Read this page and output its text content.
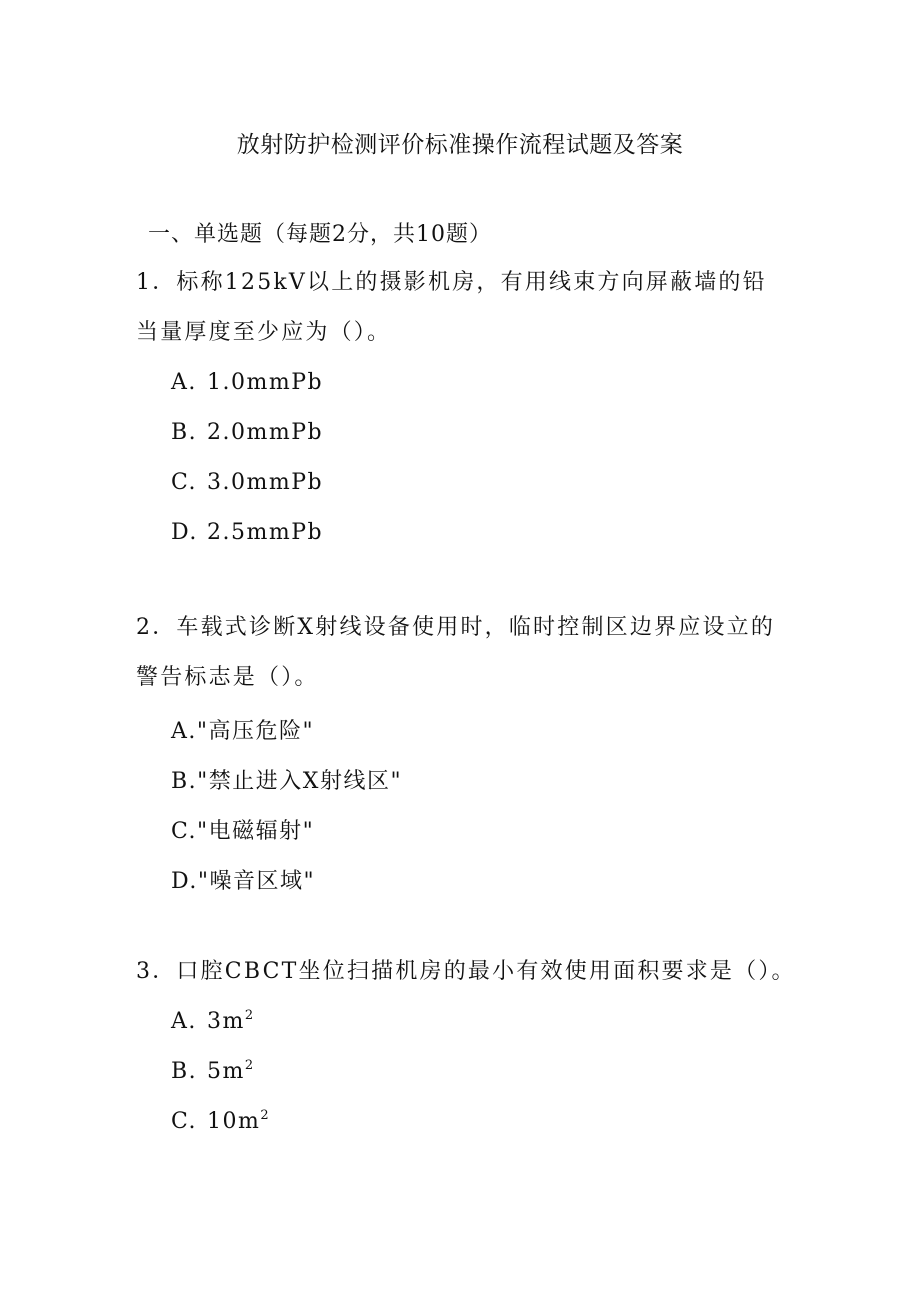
放射防护检测评价标准操作流程试题及答案
一、单选题（每题2分，共10题）
1．标称125kV以上的摄影机房，有用线束方向屏蔽墙的铅当量厚度至少应为（）。
A. 1.0mmPb
B. 2.0mmPb
C. 3.0mmPb
D. 2.5mmPb
2．车载式诊断X射线设备使用时，临时控制区边界应设立的警告标志是（）。
A."高压危险"
B."禁止进入X射线区"
C."电磁辐射"
D."噪音区域"
3．口腔CBCT坐位扫描机房的最小有效使用面积要求是（）。
A. $3m^2$
B. $5m^2$
C. $10m^2$
